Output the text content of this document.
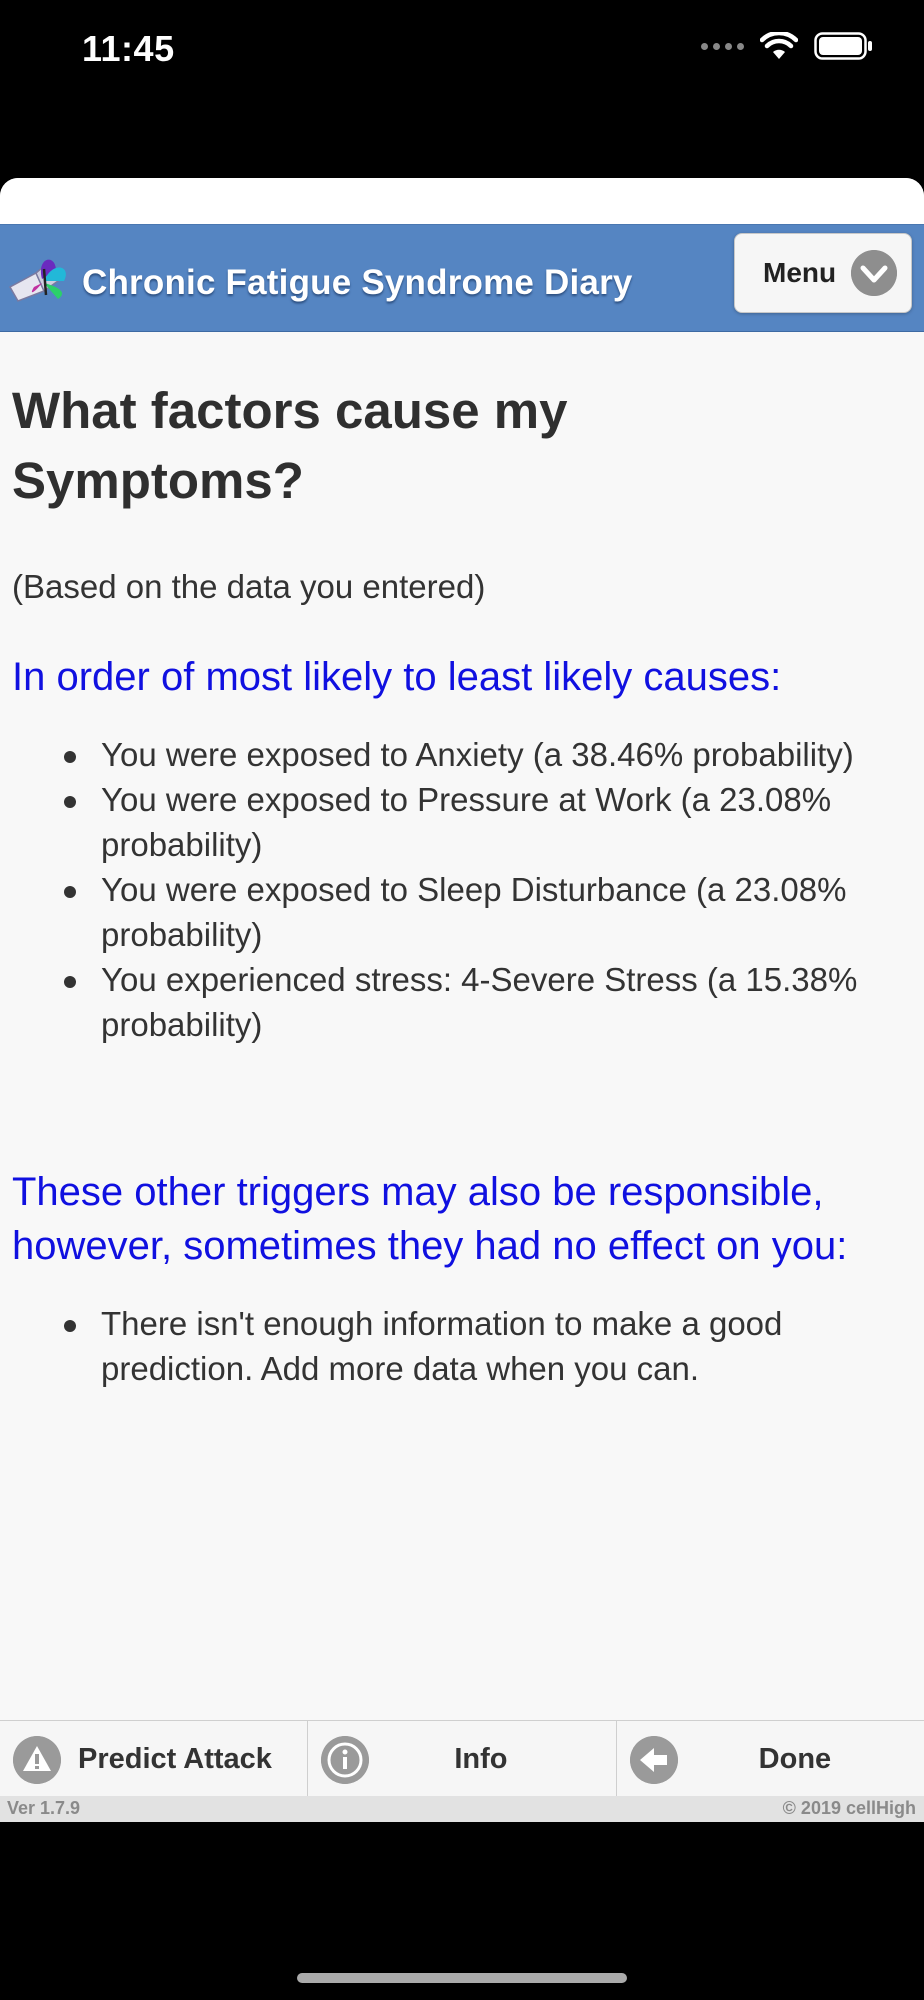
11:45
Chronic Fatigue Syndrome Diary	Menu
What factors cause my Symptoms?

(Based on the data you entered)

In order of most likely to least likely causes:
You were exposed to Anxiety (a 38.46% probability)
You were exposed to Pressure at Work (a 23.08% probability)
You were exposed to Sleep Disturbance (a 23.08% probability)
You experienced stress: 4-Severe Stress (a 15.38% probability)
These other triggers may also be responsible, however, sometimes they had no effect on you:
There isn't enough information to make a good prediction. Add more data when you can.
Predict Attack	Info	Done
Ver 1.7.9	© 2019 cellHigh
